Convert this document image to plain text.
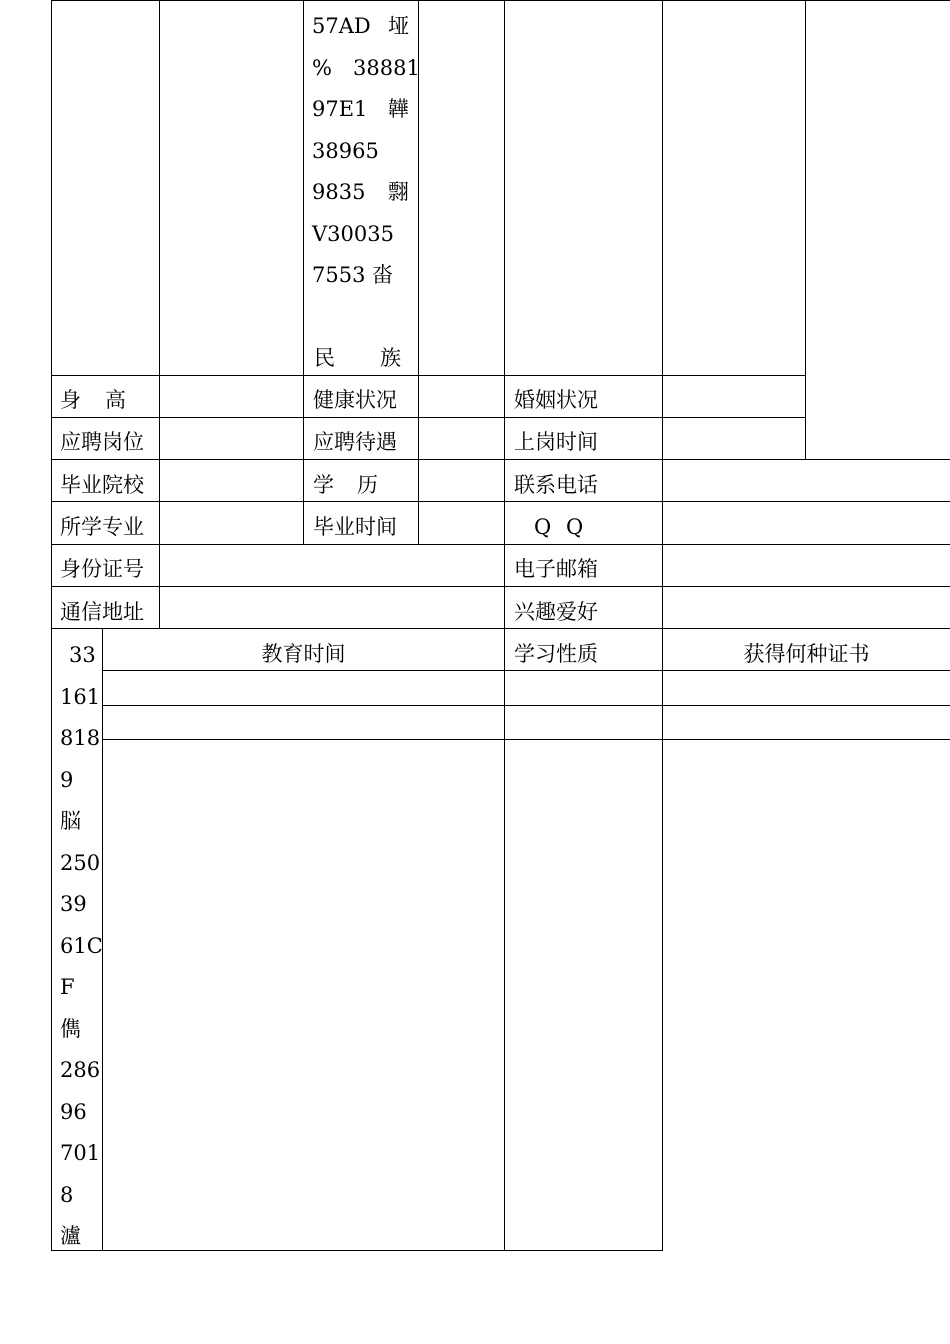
57AD 垭
% 38881
97E1 韡
38965
9835 翲
V30035
7553 畓
民 族
身 高	健康状况	婚姻状况
应聘岗位	应聘待遇	上岗时间
毕业院校	学 历	联系电话
所学专业	毕业时间	Q Q
身份证号	电子邮箱
通信地址	兴趣爱好
教育时间	学习性质	获得何种证书
33
161
818
9
脳
250
39
61C
F
儁
286
96
701
8
瀘
